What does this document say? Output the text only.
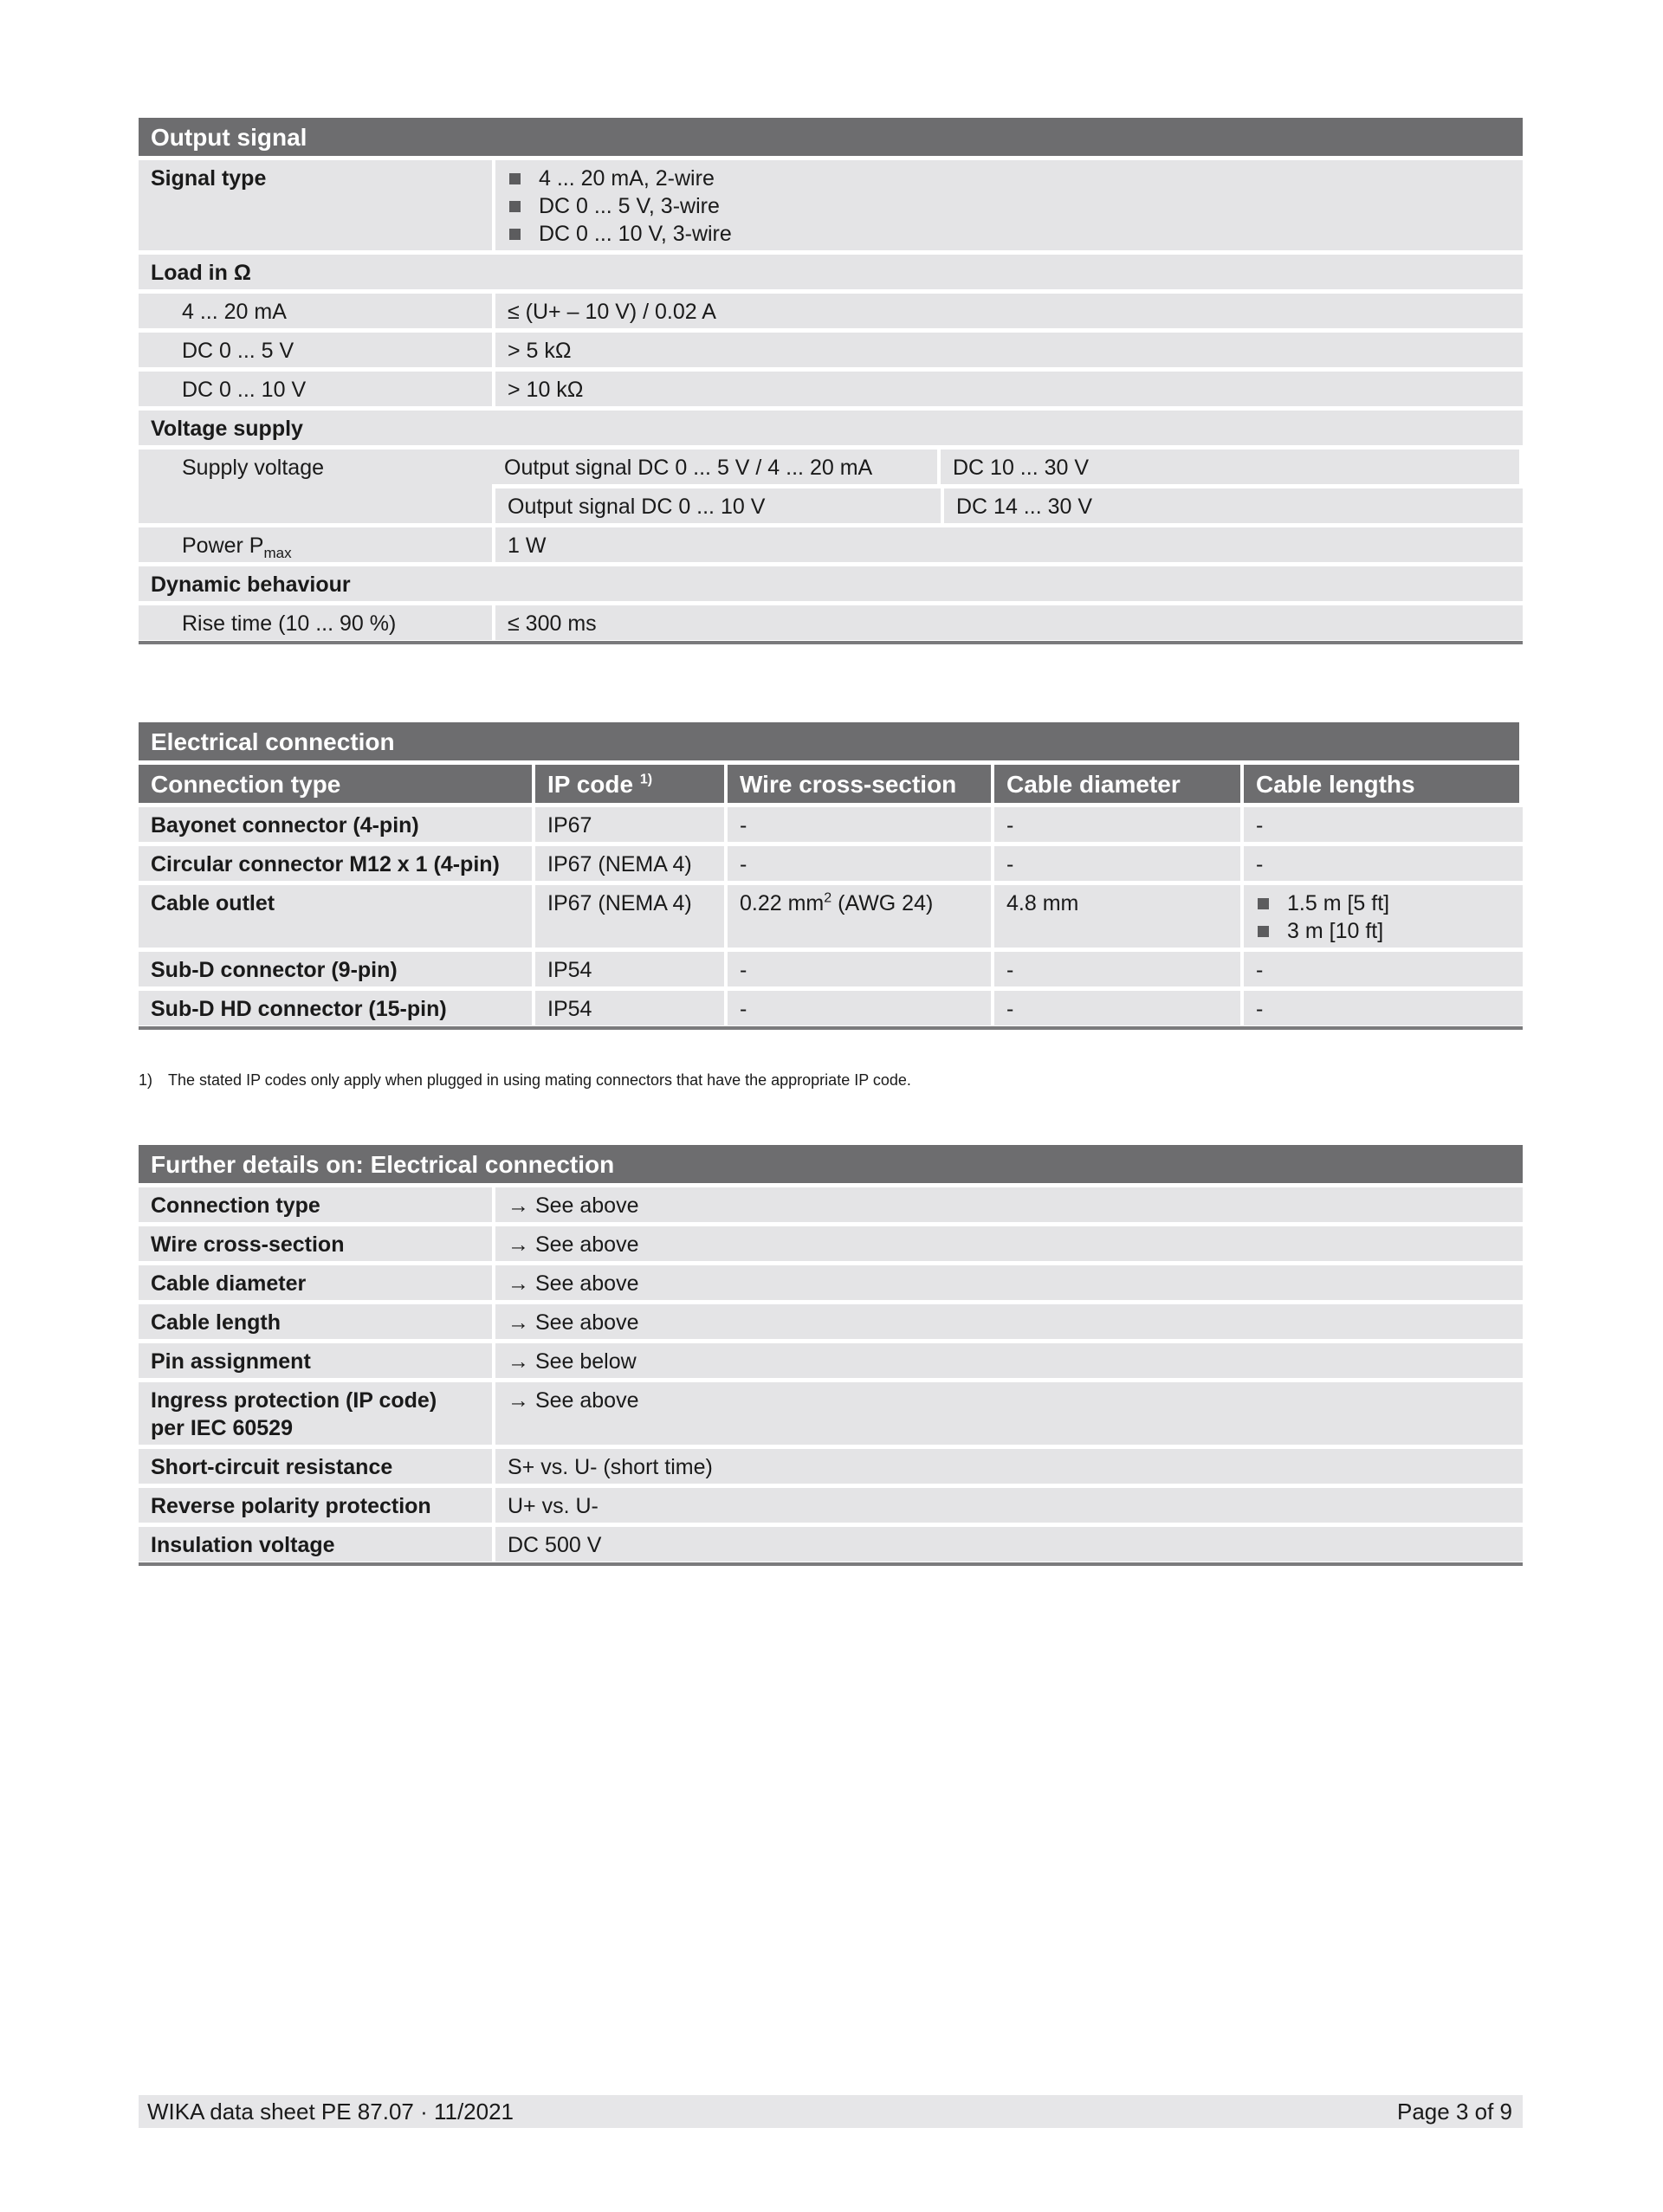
Output signal
Signal type	4 ... 20 mA, 2-wire
DC 0 ... 5 V, 3-wire
DC 0 ... 10 V, 3-wire
Load in Ω
4 ... 20 mA	≤ (U+ – 10 V) / 0.02 A
DC 0 ... 5 V	> 5 kΩ
DC 0 ... 10 V	> 10 kΩ
Voltage supply
Supply voltage	Output signal DC 0 ... 5 V / 4 ... 20 mA	DC 10 ... 30 V
Output signal DC 0 ... 10 V	DC 14 ... 30 V
Power $P_{max}$	1 W
Dynamic behaviour
Rise time (10 ... 90 %)	≤ 300 ms
Electrical connection
Connection type	IP code $^{1)}$	Wire cross-section	Cable diameter	Cable lengths
Bayonet connector (4-pin)	IP67	-	-	-
Circular connector M12 x 1 (4-pin)	IP67 (NEMA 4)	-	-	-
Cable outlet	IP67 (NEMA 4)	0.22 $mm^2$ (AWG 24)	4.8 mm	1.5 m [5 ft]
3 m [10 ft]
Sub-D connector (9-pin)	IP54	-	-	-
Sub-D HD connector (15-pin)	IP54	-	-	-
1) The stated IP codes only apply when plugged in using mating connectors that have the appropriate IP code.
Further details on: Electrical connection
Connection type	→ See above
Wire cross-section	→ See above
Cable diameter	→ See above
Cable length	→ See above
Pin assignment	→ See below
Ingress protection (IP code)
per IEC 60529
→ See above
Short-circuit resistance	S+ vs. U- (short time)
Reverse polarity protection	U+ vs. U-
Insulation voltage	DC 500 V
WIKA data sheet PE 87.07 · 11/2021	Page 3 of 9
